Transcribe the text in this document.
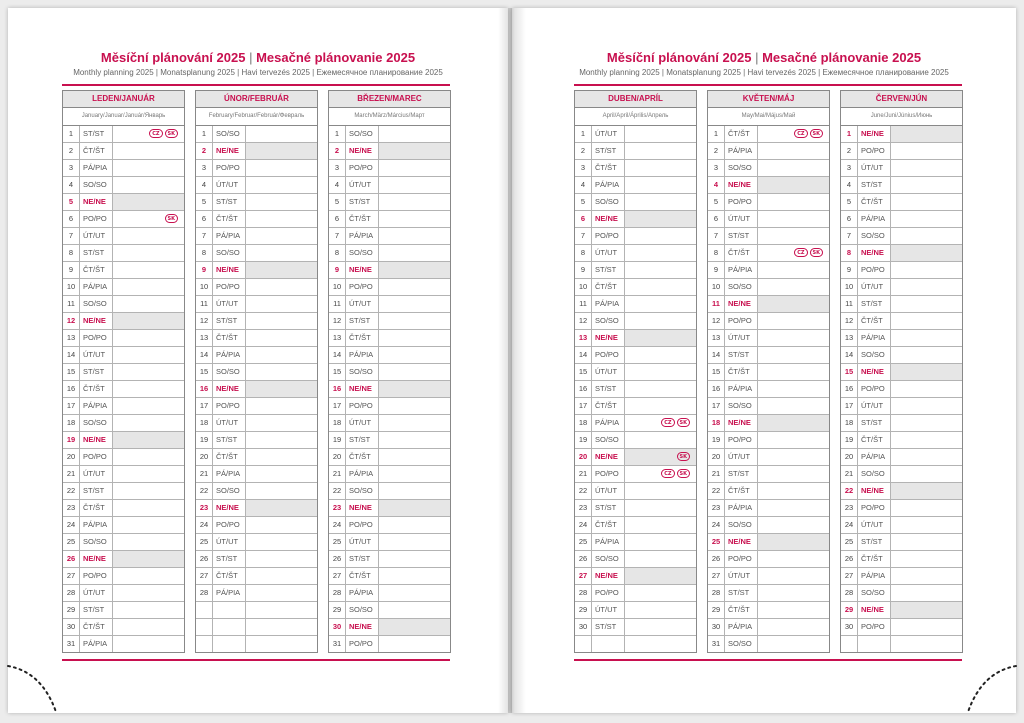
Měsíční plánování 2025 | Mesačné plánovanie 2025
Monthly planning 2025 | Monatsplanung 2025 | Havi tervezés 2025 | Ежемесячное планирование 2025
Měsíční plánování 2025 | Mesačné plánovanie 2025
Monthly planning 2025 | Monatsplanung 2025 | Havi tervezés 2025 | Ежемесячное планирование 2025
LEDEN/JANUÁR
January/Januar/Január/Январь
1	ST/ST	CZ	SK
2	ČT/ŠT
3	PÁ/PIA
4	SO/SO
5	NE/NE
6	PO/PO	SK
7	ÚT/UT
8	ST/ST
9	ČT/ŠT
10	PÁ/PIA
11	SO/SO
12	NE/NE
13	PO/PO
14	ÚT/UT
15	ST/ST
16	ČT/ŠT
17	PÁ/PIA
18	SO/SO
19	NE/NE
20	PO/PO
21	ÚT/UT
22	ST/ST
23	ČT/ŠT
24	PÁ/PIA
25	SO/SO
26	NE/NE
27	PO/PO
28	ÚT/UT
29	ST/ST
30	ČT/ŠT
31	PÁ/PIA
ÚNOR/FEBRUÁR
February/Februar/Február/Февраль
1	SO/SO
2	NE/NE
3	PO/PO
4	ÚT/UT
5	ST/ST
6	ČT/ŠT
7	PÁ/PIA
8	SO/SO
9	NE/NE
10	PO/PO
11	ÚT/UT
12	ST/ST
13	ČT/ŠT
14	PÁ/PIA
15	SO/SO
16	NE/NE
17	PO/PO
18	ÚT/UT
19	ST/ST
20	ČT/ŠT
21	PÁ/PIA
22	SO/SO
23	NE/NE
24	PO/PO
25	ÚT/UT
26	ST/ST
27	ČT/ŠT
28	PÁ/PIA
BŘEZEN/MAREC
March/März/Március/Март
1	SO/SO
2	NE/NE
3	PO/PO
4	ÚT/UT
5	ST/ST
6	ČT/ŠT
7	PÁ/PIA
8	SO/SO
9	NE/NE
10	PO/PO
11	ÚT/UT
12	ST/ST
13	ČT/ŠT
14	PÁ/PIA
15	SO/SO
16	NE/NE
17	PO/PO
18	ÚT/UT
19	ST/ST
20	ČT/ŠT
21	PÁ/PIA
22	SO/SO
23	NE/NE
24	PO/PO
25	ÚT/UT
26	ST/ST
27	ČT/ŠT
28	PÁ/PIA
29	SO/SO
30	NE/NE
31	PO/PO
DUBEN/APRÍL
April/April/Április/Апрель
1	ÚT/UT
2	ST/ST
3	ČT/ŠT
4	PÁ/PIA
5	SO/SO
6	NE/NE
7	PO/PO
8	ÚT/UT
9	ST/ST
10	ČT/ŠT
11	PÁ/PIA
12	SO/SO
13	NE/NE
14	PO/PO
15	ÚT/UT
16	ST/ST
17	ČT/ŠT
18	PÁ/PIA	CZ	SK
19	SO/SO
20	NE/NE	SK
21	PO/PO	CZ	SK
22	ÚT/UT
23	ST/ST
24	ČT/ŠT
25	PÁ/PIA
26	SO/SO
27	NE/NE
28	PO/PO
29	ÚT/UT
30	ST/ST
KVĚTEN/MÁJ
May/Mai/Május/Май
1	ČT/ŠT	CZ	SK
2	PÁ/PIA
3	SO/SO
4	NE/NE
5	PO/PO
6	ÚT/UT
7	ST/ST
8	ČT/ŠT	CZ	SK
9	PÁ/PIA
10	SO/SO
11	NE/NE
12	PO/PO
13	ÚT/UT
14	ST/ST
15	ČT/ŠT
16	PÁ/PIA
17	SO/SO
18	NE/NE
19	PO/PO
20	ÚT/UT
21	ST/ST
22	ČT/ŠT
23	PÁ/PIA
24	SO/SO
25	NE/NE
26	PO/PO
27	ÚT/UT
28	ST/ST
29	ČT/ŠT
30	PÁ/PIA
31	SO/SO
ČERVEN/JÚN
June/Juni/Június/Июнь
1	NE/NE
2	PO/PO
3	ÚT/UT
4	ST/ST
5	ČT/ŠT
6	PÁ/PIA
7	SO/SO
8	NE/NE
9	PO/PO
10	ÚT/UT
11	ST/ST
12	ČT/ŠT
13	PÁ/PIA
14	SO/SO
15	NE/NE
16	PO/PO
17	ÚT/UT
18	ST/ST
19	ČT/ŠT
20	PÁ/PIA
21	SO/SO
22	NE/NE
23	PO/PO
24	ÚT/UT
25	ST/ST
26	ČT/ŠT
27	PÁ/PIA
28	SO/SO
29	NE/NE
30	PO/PO
